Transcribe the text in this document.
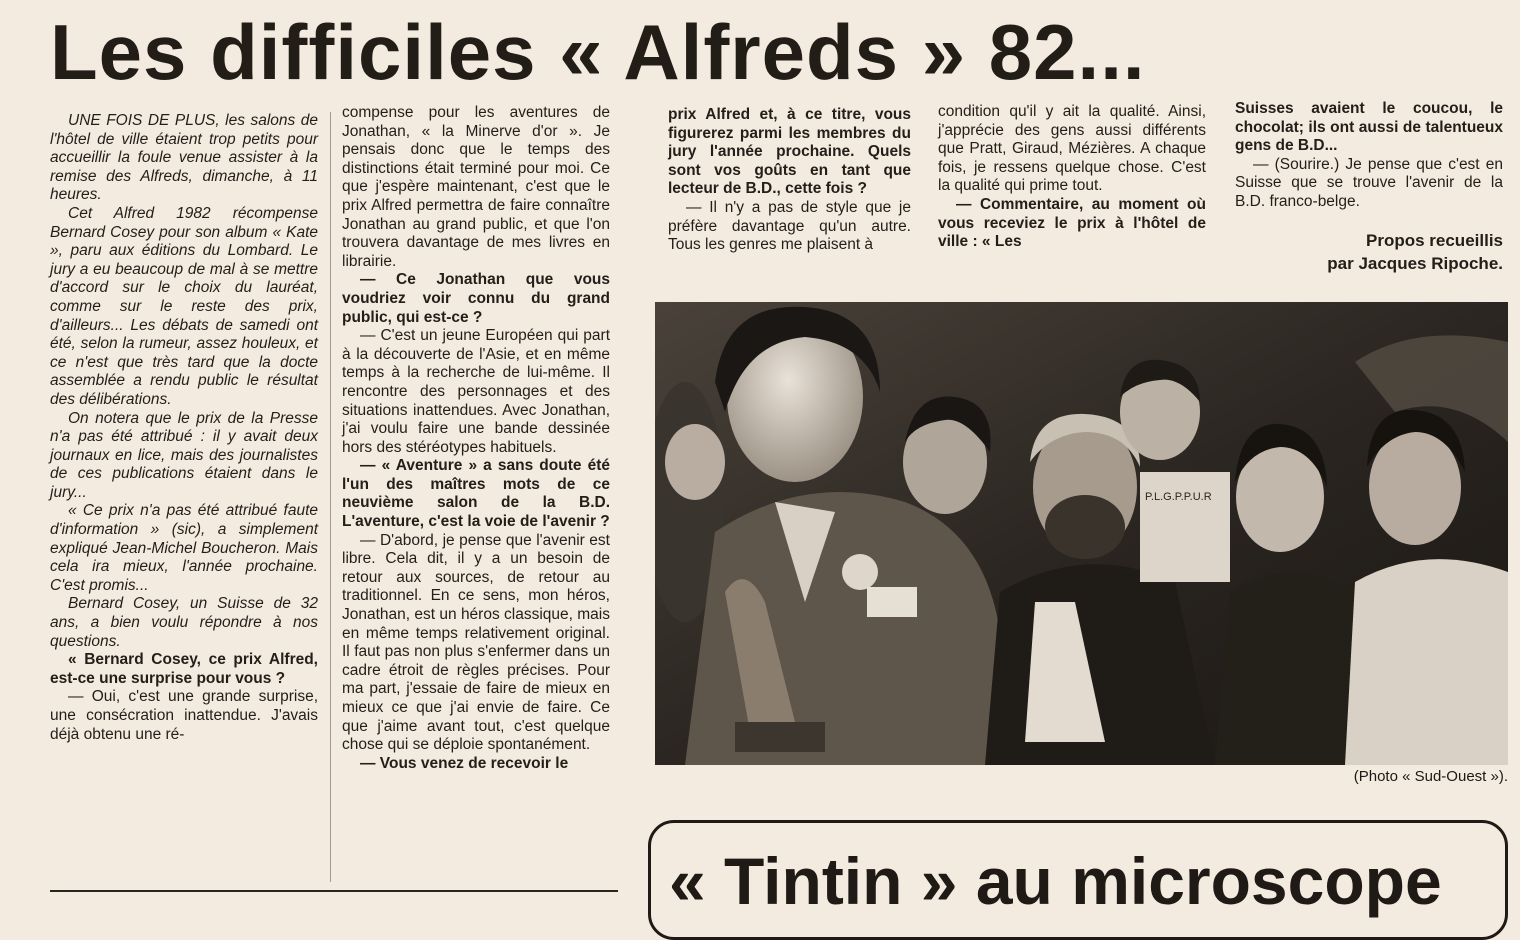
Les difficiles « Alfreds » 82...

UNE FOIS DE PLUS, les salons de l'hôtel de ville étaient trop petits pour accueillir la foule venue assister à la remise des Alfreds, dimanche, à 11 heures.

Cet Alfred 1982 récompense Bernard Cosey pour son album « Kate », paru aux éditions du Lombard. Le jury a eu beaucoup de mal à se mettre d'accord sur le choix du lauréat, comme sur le reste des prix, d'ailleurs... Les débats de samedi ont été, selon la rumeur, assez houleux, et ce n'est que très tard que la docte assemblée a rendu public le résultat des délibérations.

On notera que le prix de la Presse n'a pas été attribué : il y avait deux journaux en lice, mais des journalistes de ces publications étaient dans le jury...

« Ce prix n'a pas été attribué faute d'information » (sic), a simplement expliqué Jean-Michel Boucheron. Mais cela ira mieux, l'année prochaine. C'est promis...

Bernard Cosey, un Suisse de 32 ans, a bien voulu répondre à nos questions.

« Bernard Cosey, ce prix Alfred, est-ce une surprise pour vous ?

— Oui, c'est une grande surprise, une consécration inattendue. J'avais déjà obtenu une ré-

compense pour les aventures de Jonathan, « la Minerve d'or ». Je pensais donc que le temps des distinctions était terminé pour moi. Ce que j'espère maintenant, c'est que le prix Alfred permettra de faire connaître Jonathan au grand public, et que l'on trouvera davantage de mes livres en librairie.

— Ce Jonathan que vous voudriez voir connu du grand public, qui est-ce ?

— C'est un jeune Européen qui part à la découverte de l'Asie, et en même temps à la recherche de lui-même. Il rencontre des personnages et des situations inattendues. Avec Jonathan, j'ai voulu faire une bande dessinée hors des stéréotypes habituels.

— « Aventure » a sans doute été l'un des maîtres mots de ce neuvième salon de la B.D. L'aventure, c'est la voie de l'avenir ?

— D'abord, je pense que l'avenir est libre. Cela dit, il y a un besoin de retour aux sources, de retour au traditionnel. En ce sens, mon héros, Jonathan, est un héros classique, mais en même temps relativement original. Il faut pas non plus s'enfermer dans un cadre étroit de règles précises. Pour ma part, j'essaie de faire de mieux en mieux ce que j'ai envie de faire. Ce que j'aime avant tout, c'est quelque chose qui se déploie spontanément.

— Vous venez de recevoir le

prix Alfred et, à ce titre, vous figurerez parmi les membres du jury l'année prochaine. Quels sont vos goûts en tant que lecteur de B.D., cette fois ?

— Il n'y a pas de style que je préfère davantage qu'un autre. Tous les genres me plaisent à

condition qu'il y ait la qualité. Ainsi, j'apprécie des gens aussi différents que Pratt, Giraud, Mézières. A chaque fois, je ressens quelque chose. C'est la qualité qui prime tout.

— Commentaire, au moment où vous receviez le prix à l'hôtel de ville : « Les

Suisses avaient le coucou, le chocolat; ils ont aussi de talentueux gens de B.D...

— (Sourire.) Je pense que c'est en Suisse que se trouve l'avenir de la B.D. franco-belge.

Propos recueillis
par Jacques Ripoche.
P.L.G.P.P.U.R
(Photo « Sud-Ouest »).
« Tintin » au microscope
